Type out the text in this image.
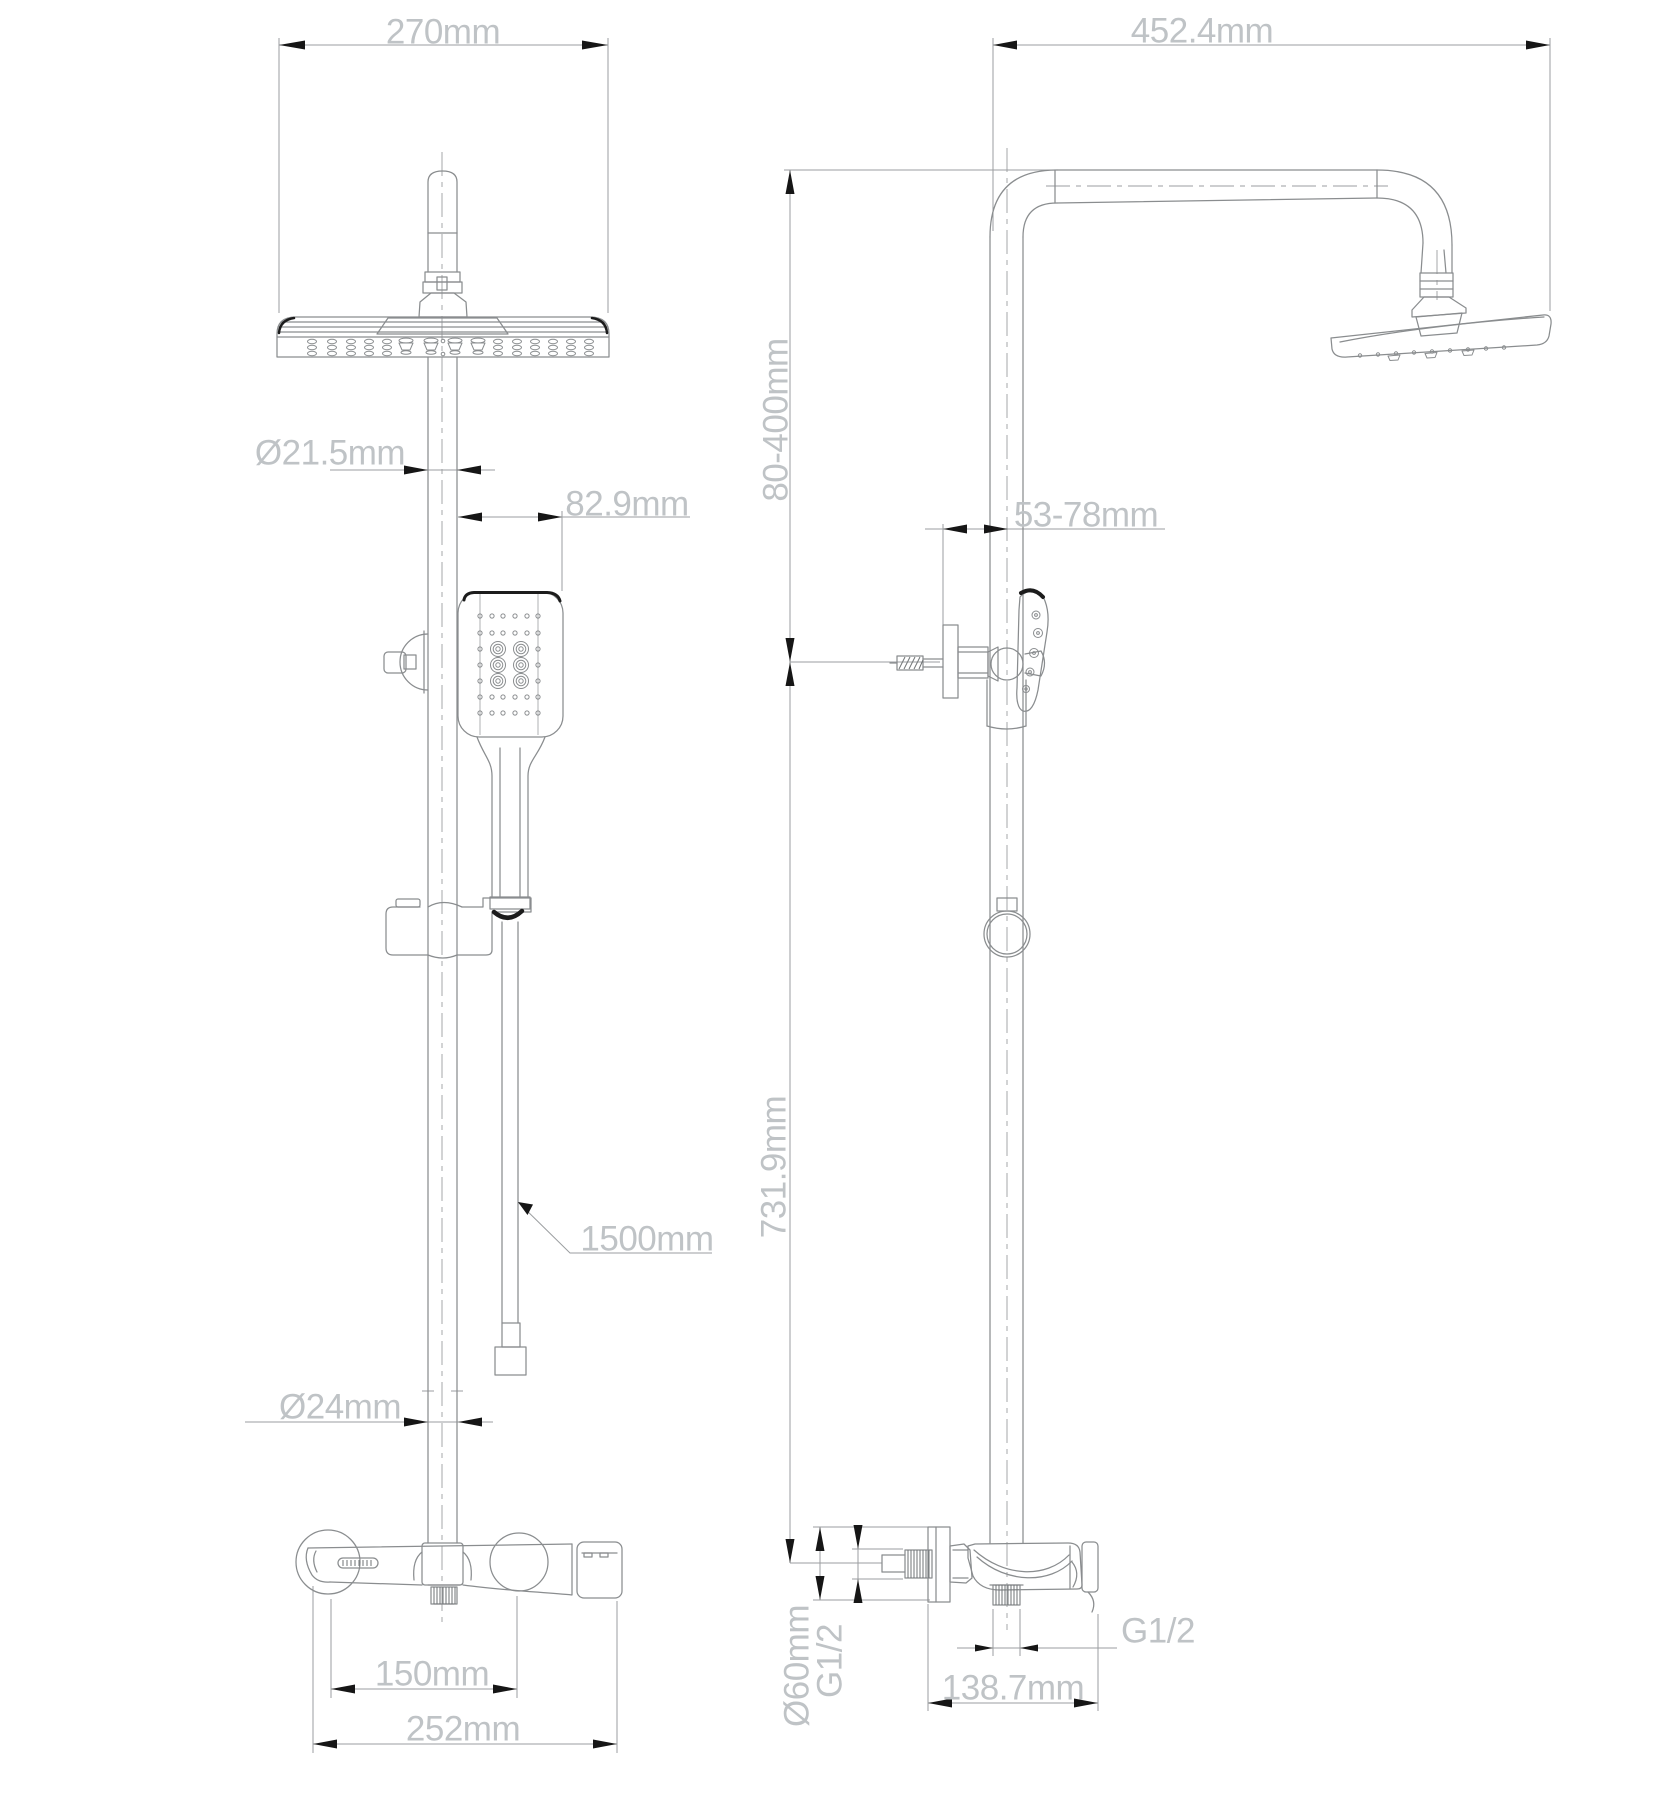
270mm
Ø21.5mm
82.9mm
1500mm
Ø24mm
150mm
252mm
452.4mm
80-400mm
53-78mm
731.9mm
Ø60mm
G1/2	G1/2
138.7mm
